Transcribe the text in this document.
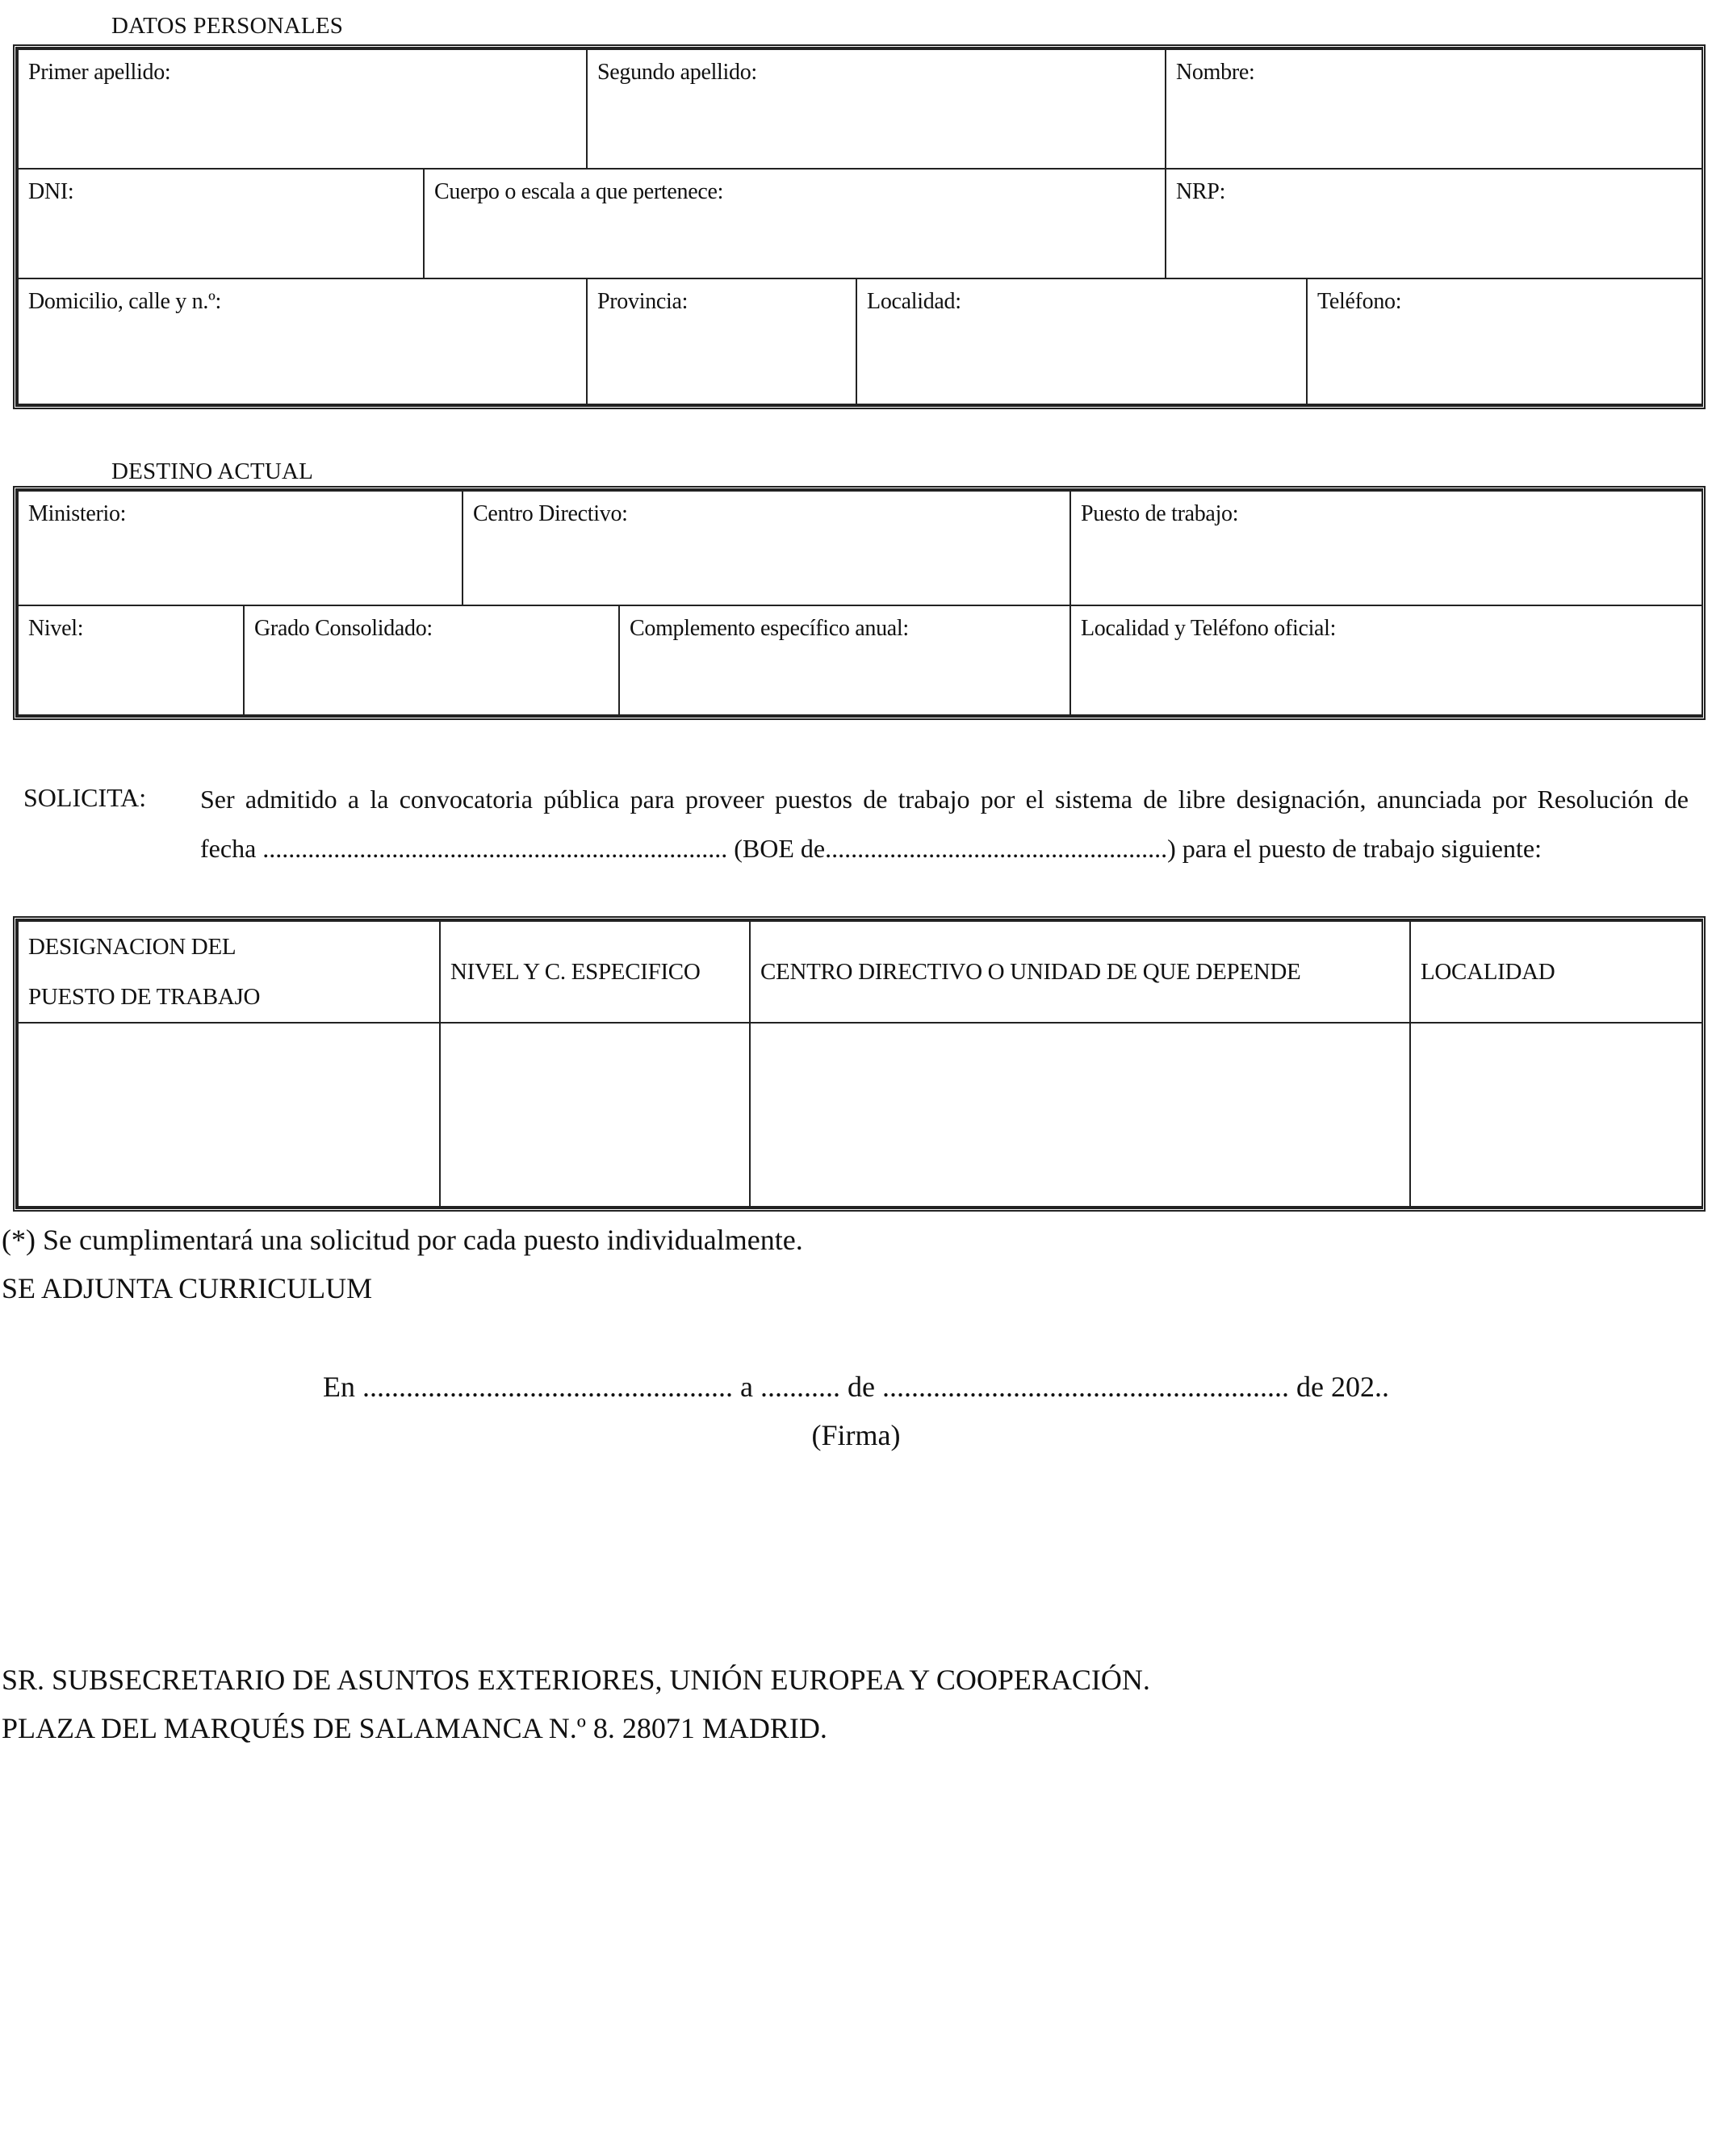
DATOS PERSONALES
Primer apellido:		Segundo apellido:		Nombre:	
DNI:	Cuerpo o escala a que pertenece:			NRP:	
Domicilio, calle y n.º:		Provincia:	Localidad:		Teléfono:
DESTINO ACTUAL
Ministerio:		Centro Directivo:		Puesto de trabajo:
Nivel:	Grado Consolidado:		Complemento específico anual:	Localidad y Teléfono oficial:
SOLICITA: Ser admitido a la convocatoria pública para proveer puestos de trabajo por el sistema de libre designación, anunciada por Resolución de
fecha ........................................................................ (BOE de.....................................................) para el puesto de trabajo siguiente:
DESIGNACION DEL
PUESTO DE TRABAJO	NIVEL Y C. ESPECIFICO	CENTRO DIRECTIVO O UNIDAD DE QUE DEPENDE	LOCALIDAD

(*) Se cumplimentará una solicitud por cada puesto individualmente.
SE ADJUNTA CURRICULUM
En ................................................... a ........... de ........................................................ de 202..
(Firma)
SR. SUBSECRETARIO DE ASUNTOS EXTERIORES, UNIÓN EUROPEA Y COOPERACIÓN.
PLAZA DEL MARQUÉS DE SALAMANCA N.º 8. 28071 MADRID.
